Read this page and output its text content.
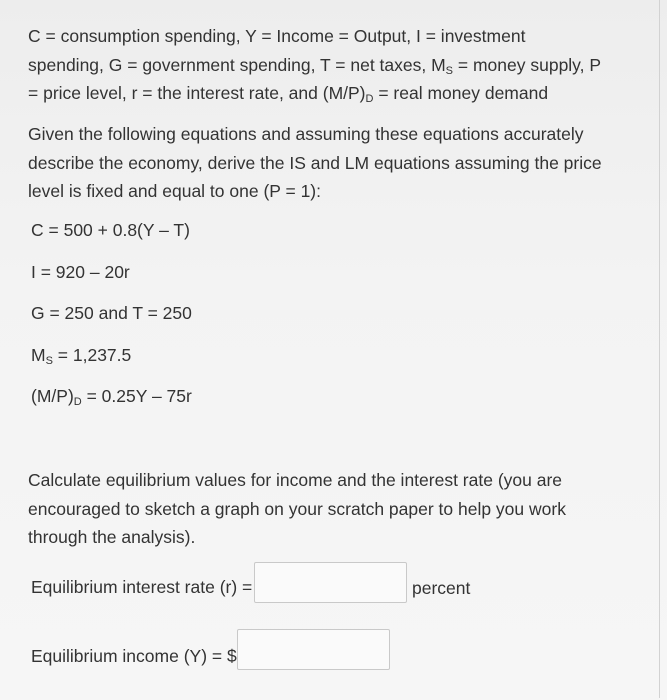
C = consumption spending, Y = Income = Output, I = investment

spending, G = government spending, T = net taxes, $M_S$ = money supply, P

= price level, r = the interest rate, and $(M/P)_D$ = real money demand

Given the following equations and assuming these equations accurately

describe the economy, derive the IS and LM equations assuming the price

level is fixed and equal to one (P = 1):

C = 500 + 0.8(Y – T)

I = 920 – 20r

G = 250 and T = 250

$M_S = 1,237.5$

$(M/P)_D = 0.25Y - 75r$

Calculate equilibrium values for income and the interest rate (you are

encouraged to sketch a graph on your scratch paper to help you work

through the analysis).

Equilibrium interest rate (r) =	percent
Equilibrium income (Y) = $
